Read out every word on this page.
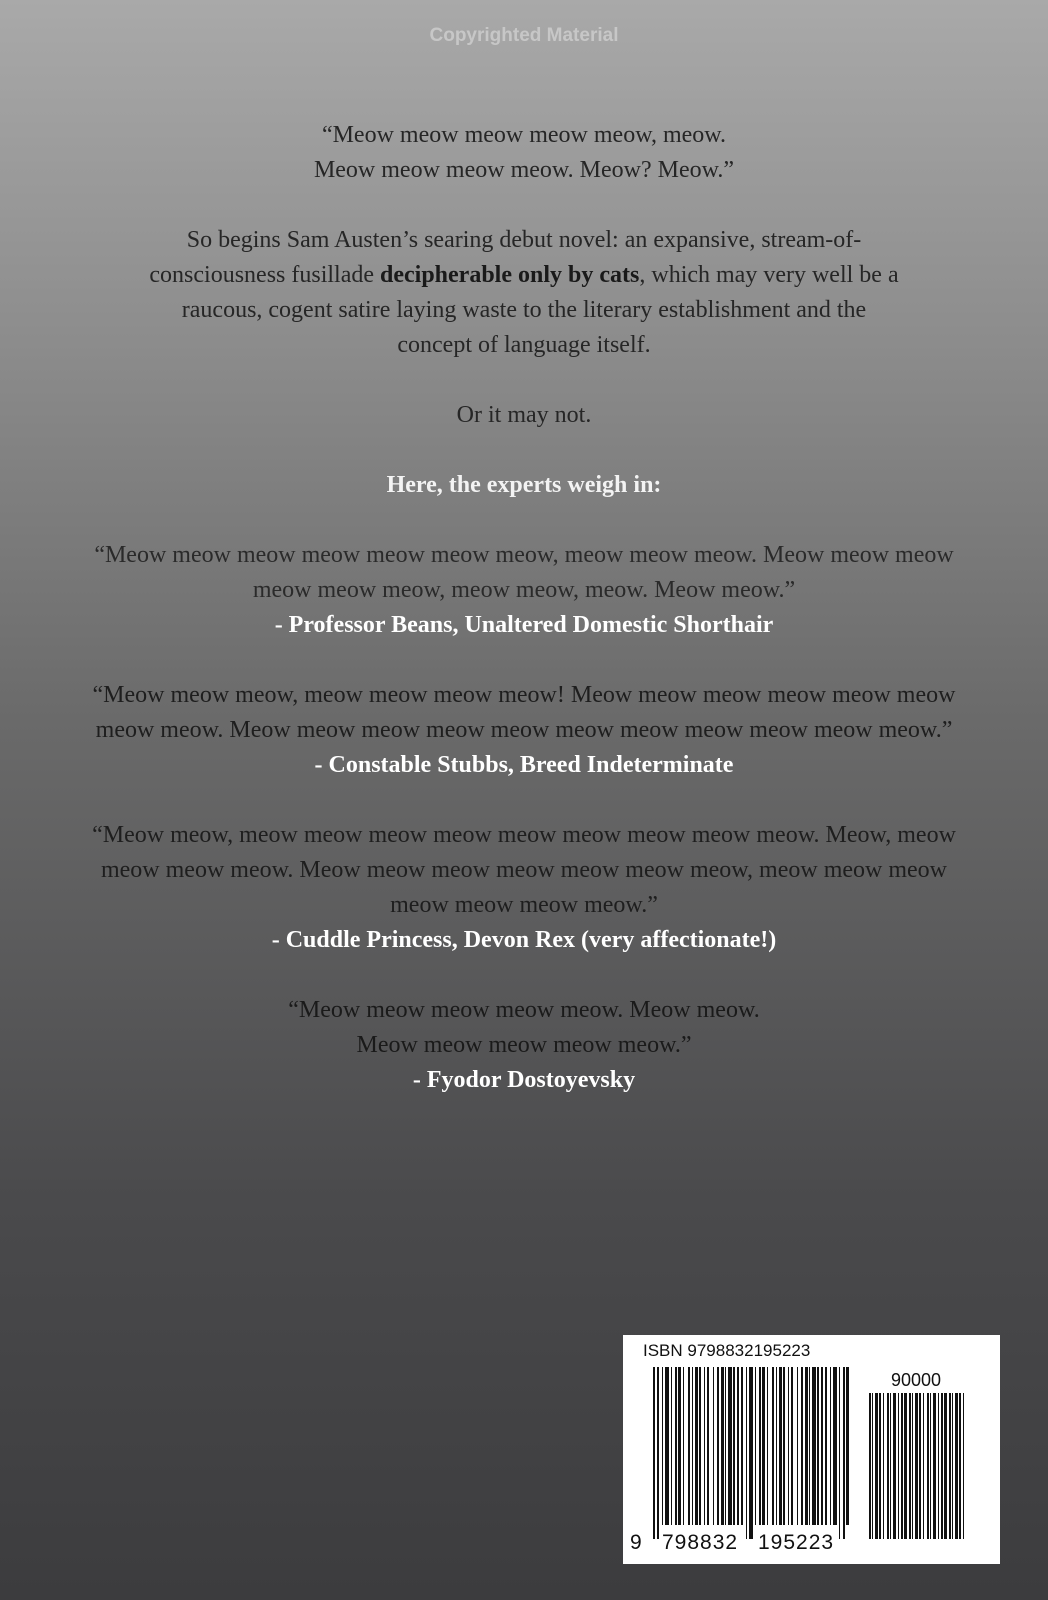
Copyrighted Material
“Meow meow meow meow meow, meow.
Meow meow meow meow. Meow? Meow.”
So begins Sam Austen’s searing debut novel: an expansive, stream-of-consciousness fusillade decipherable only by cats, which may very well be a raucous, cogent satire laying waste to the literary establishment and the concept of language itself.
Or it may not.
Here, the experts weigh in:
“Meow meow meow meow meow meow meow, meow meow meow. Meow meow meow meow meow meow, meow meow, meow. Meow meow.”
- Professor Beans, Unaltered Domestic Shorthair
“Meow meow meow, meow meow meow meow! Meow meow meow meow meow meow meow meow. Meow meow meow meow meow meow meow meow meow meow meow.”
- Constable Stubbs, Breed Indeterminate
“Meow meow, meow meow meow meow meow meow meow meow meow. Meow, meow meow meow meow. Meow meow meow meow meow meow meow, meow meow meow meow meow meow meow.”
- Cuddle Princess, Devon Rex (very affectionate!)
“Meow meow meow meow meow. Meow meow.
Meow meow meow meow meow.”
- Fyodor Dostoyevsky
ISBN 9798832195223
90000
9 798832 195223
